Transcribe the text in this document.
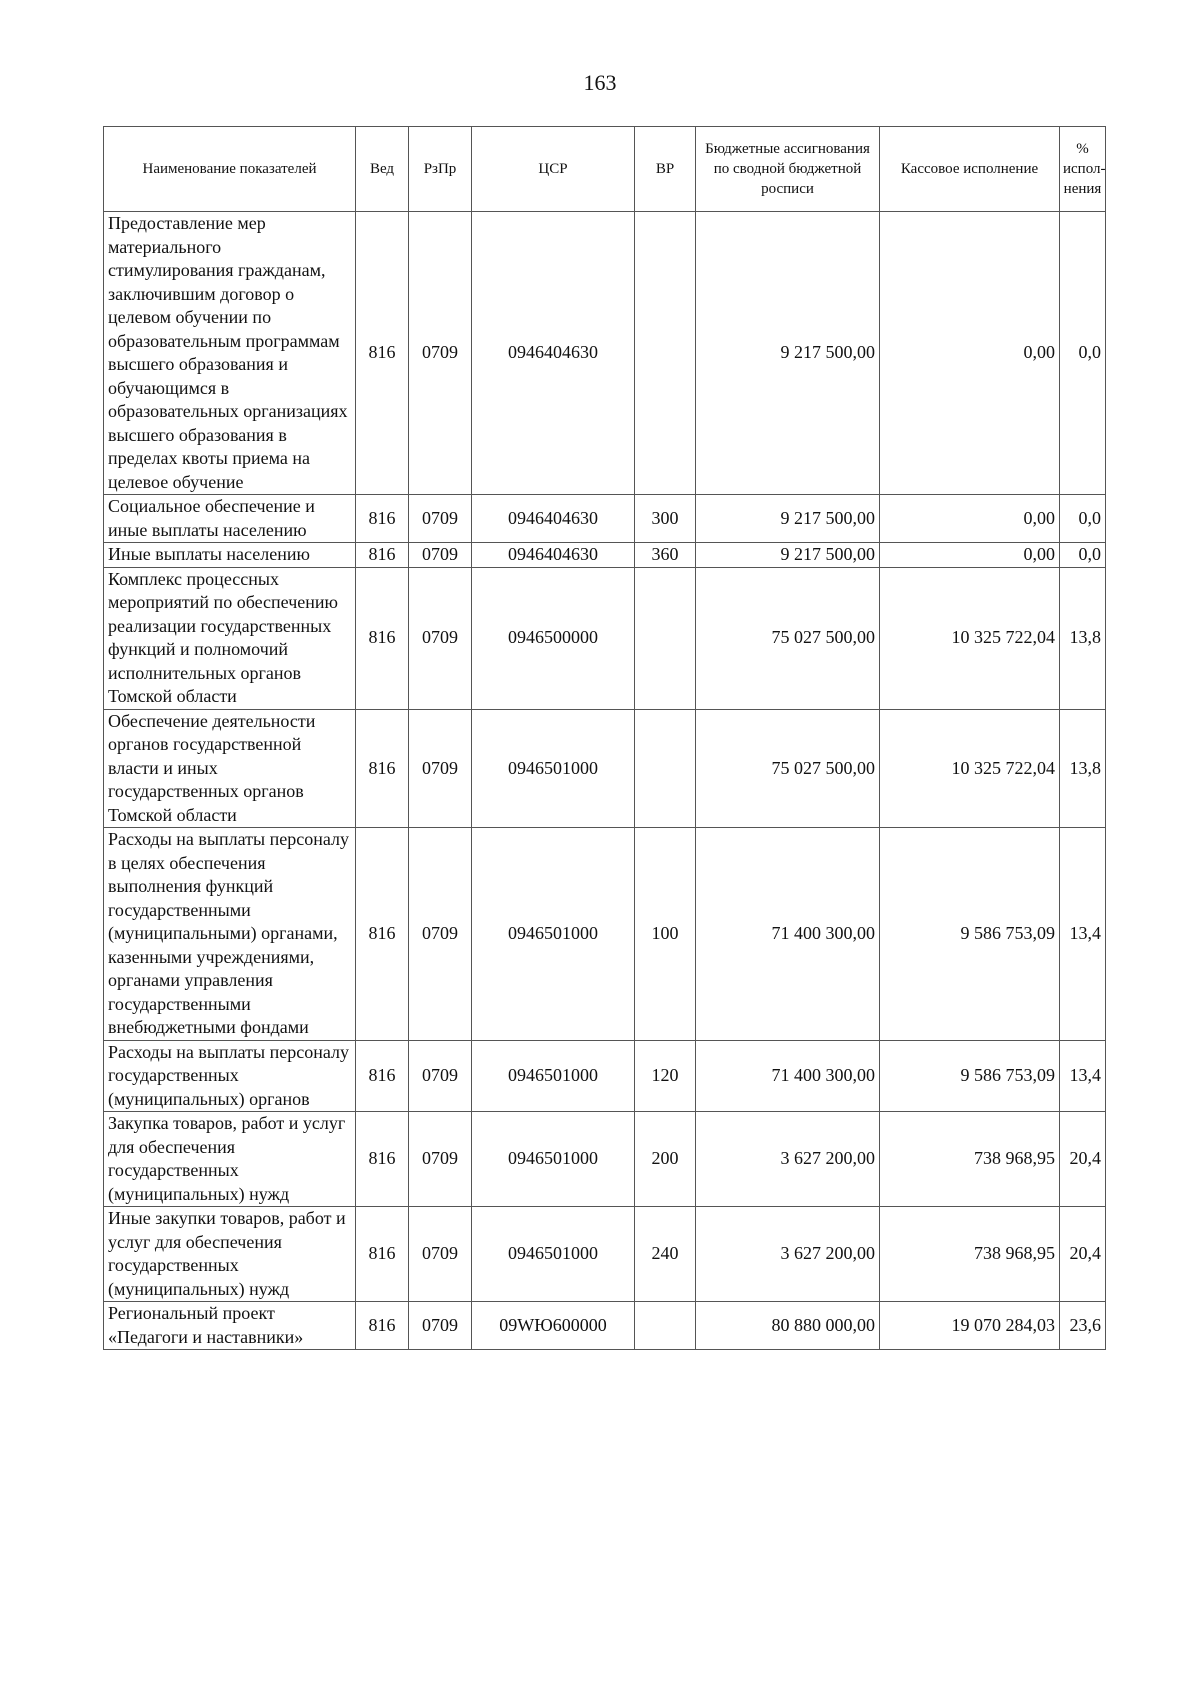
163
Наименование показателей	Вед	РзПр	ЦСР	ВР	Бюджетные ассигнования по сводной бюджетной росписи	Кассовое исполнение	% испол-нения
Предоставление мер материального стимулирования гражданам, заключившим договор о целевом обучении по образовательным программам высшего образования и обучающимся в образовательных организациях высшего образования в пределах квоты приема на целевое обучение	816	0709	0946404630		9 217 500,00	0,00	0,0
Социальное обеспечение и иные выплаты населению	816	0709	0946404630	300	9 217 500,00	0,00	0,0
Иные выплаты населению	816	0709	0946404630	360	9 217 500,00	0,00	0,0
Комплекс процессных мероприятий по обеспечению реализации государственных функций и полномочий исполнительных органов Томской области	816	0709	0946500000		75 027 500,00	10 325 722,04	13,8
Обеспечение деятельности органов государственной власти и иных государственных органов Томской области	816	0709	0946501000		75 027 500,00	10 325 722,04	13,8
Расходы на выплаты персоналу в целях обеспечения выполнения функций государственными (муниципальными) органами, казенными учреждениями, органами управления государственными внебюджетными фондами	816	0709	0946501000	100	71 400 300,00	9 586 753,09	13,4
Расходы на выплаты персоналу государственных (муниципальных) органов	816	0709	0946501000	120	71 400 300,00	9 586 753,09	13,4
Закупка товаров, работ и услуг для обеспечения государственных (муниципальных) нужд	816	0709	0946501000	200	3 627 200,00	738 968,95	20,4
Иные закупки товаров, работ и услуг для обеспечения государственных (муниципальных) нужд	816	0709	0946501000	240	3 627 200,00	738 968,95	20,4
Региональный проект «Педагоги и наставники»	816	0709	09WЮ600000		80 880 000,00	19 070 284,03	23,6
